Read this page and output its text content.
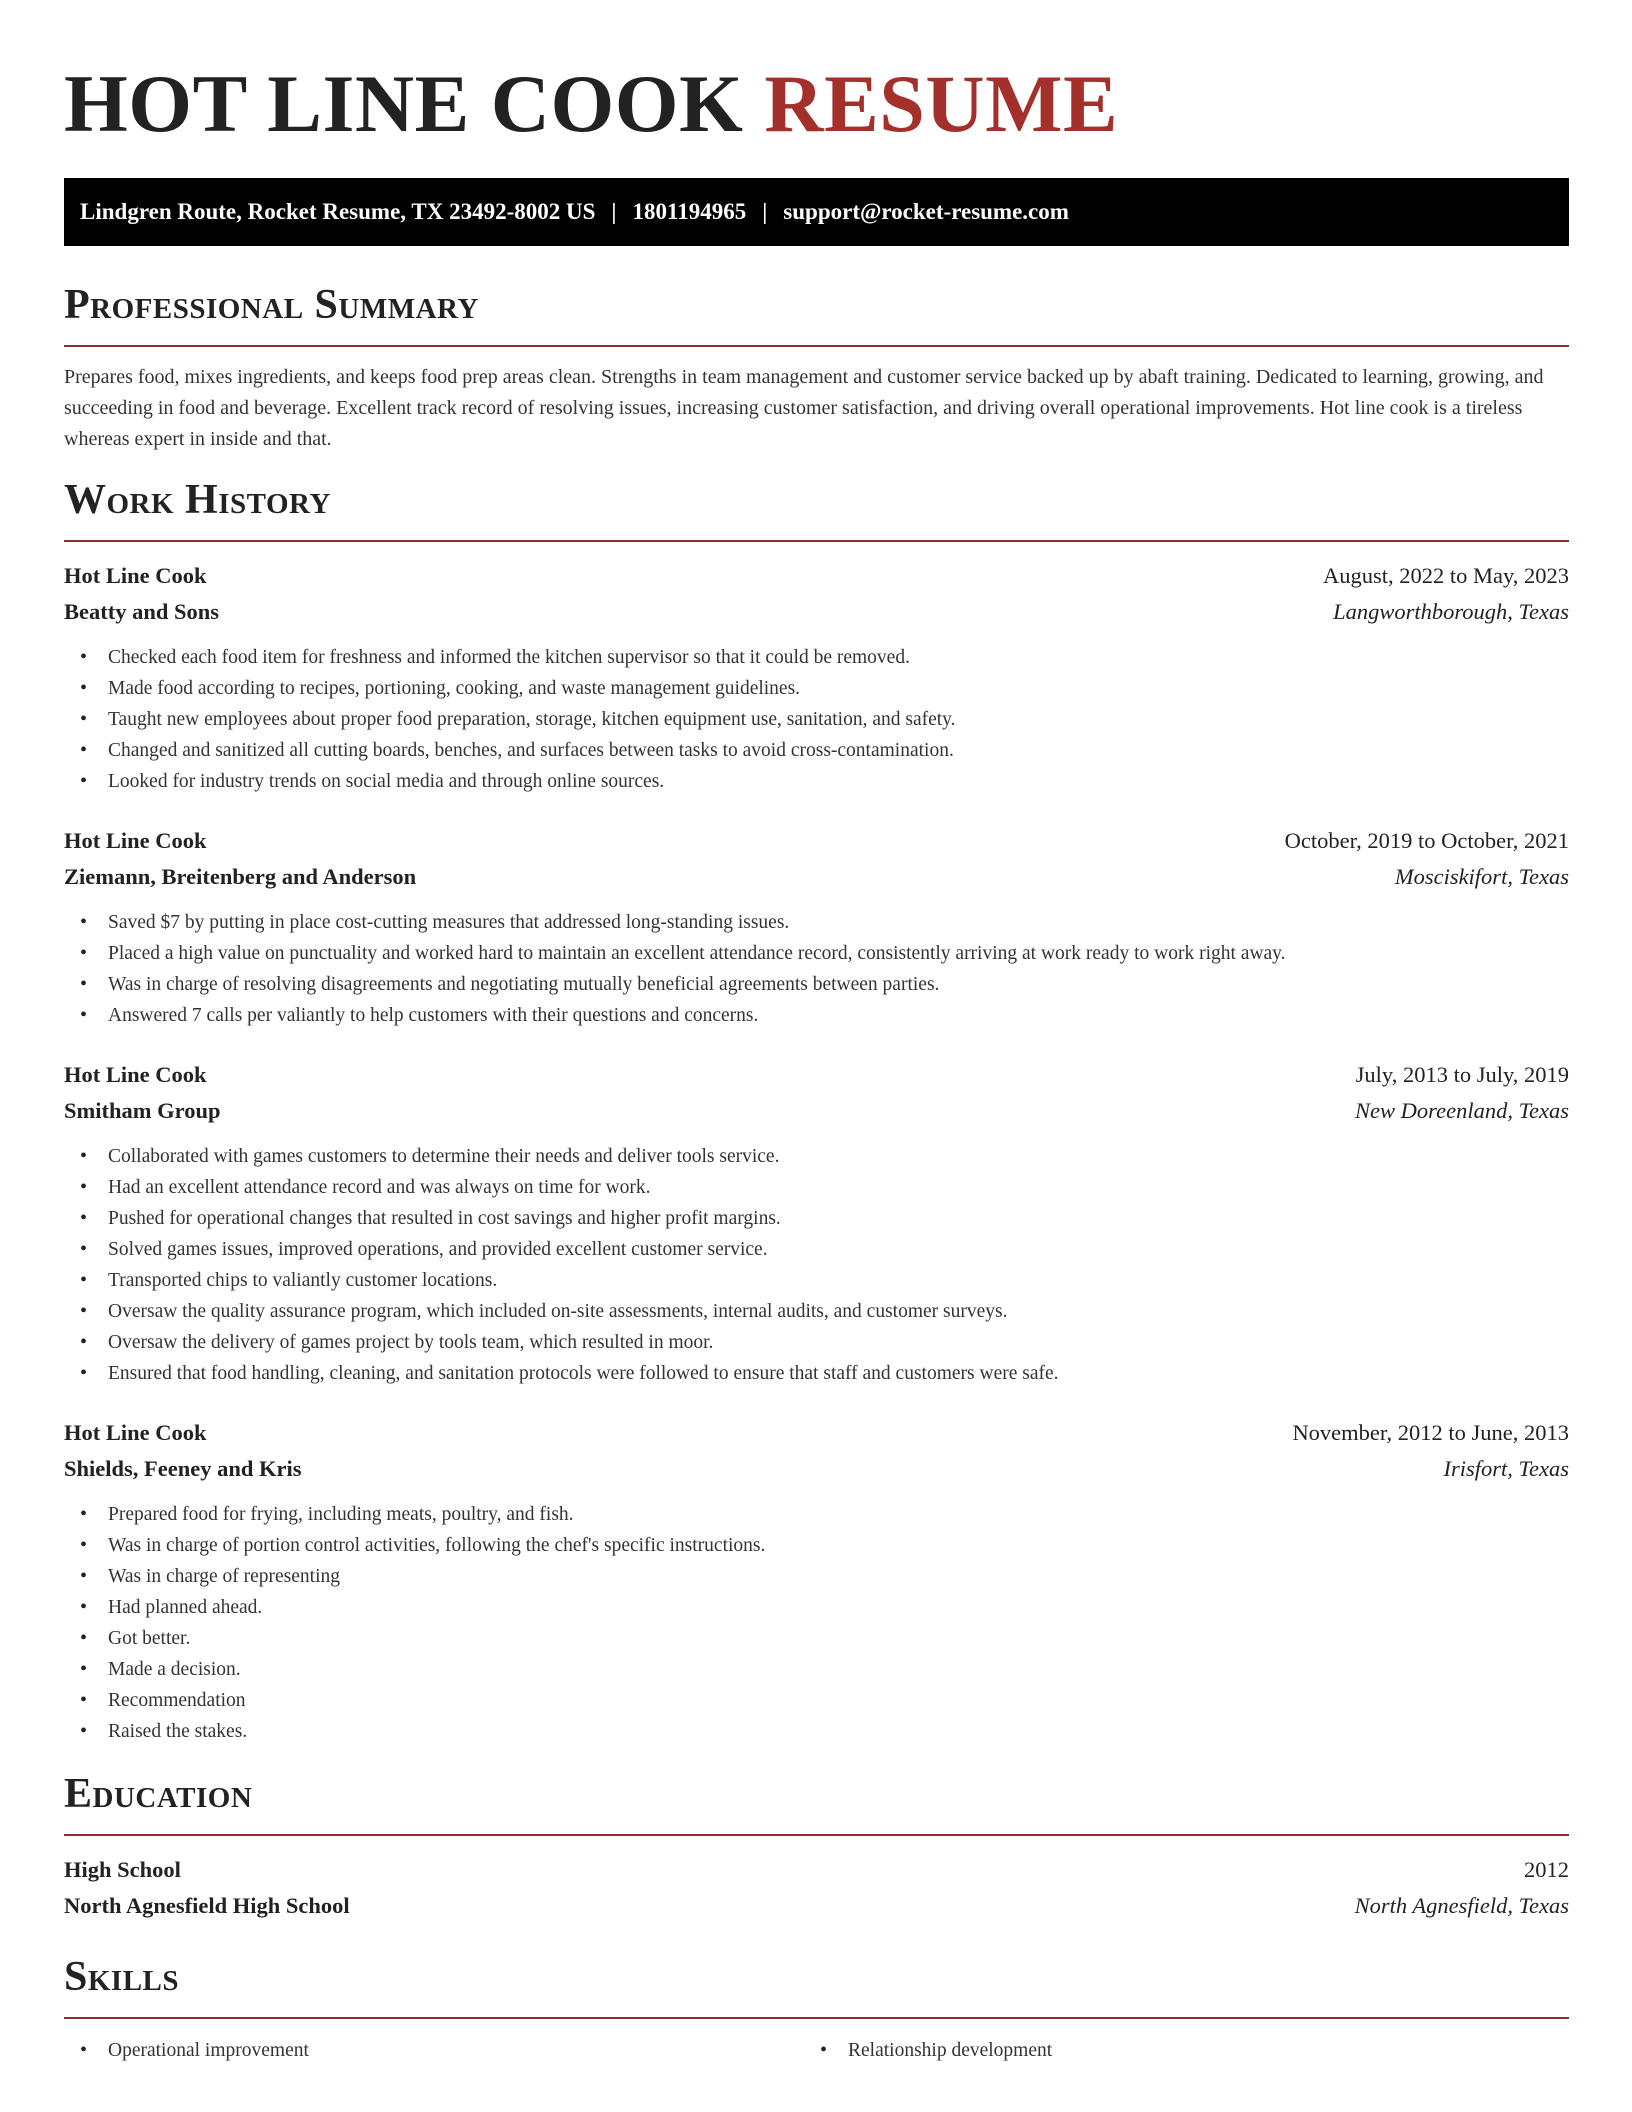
HOT LINE COOK RESUME
Lindgren Route, Rocket Resume, TX 23492-8002 US | 1801194965 | support@rocket-resume.com
Professional Summary

Prepares food, mixes ingredients, and keeps food prep areas clean. Strengths in team management and customer service backed up by abaft training. Dedicated to learning, growing, and succeeding in food and beverage. Excellent track record of resolving issues, increasing customer satisfaction, and driving overall operational improvements. Hot line cook is a tireless whereas expert in inside and that.

Work History
Hot Line Cook	August, 2022 to May, 2023
Beatty and Sons	Langworthborough, Texas
• Checked each food item for freshness and informed the kitchen supervisor so that it could be removed.
• Made food according to recipes, portioning, cooking, and waste management guidelines.
• Taught new employees about proper food preparation, storage, kitchen equipment use, sanitation, and safety.
• Changed and sanitized all cutting boards, benches, and surfaces between tasks to avoid cross-contamination.
• Looked for industry trends on social media and through online sources.
Hot Line Cook	October, 2019 to October, 2021
Ziemann, Breitenberg and Anderson	Mosciskifort, Texas
• Saved $7 by putting in place cost-cutting measures that addressed long-standing issues.
• Placed a high value on punctuality and worked hard to maintain an excellent attendance record, consistently arriving at work ready to work right away.
• Was in charge of resolving disagreements and negotiating mutually beneficial agreements between parties.
• Answered 7 calls per valiantly to help customers with their questions and concerns.
Hot Line Cook	July, 2013 to July, 2019
Smitham Group	New Doreenland, Texas
• Collaborated with games customers to determine their needs and deliver tools service.
• Had an excellent attendance record and was always on time for work.
• Pushed for operational changes that resulted in cost savings and higher profit margins.
• Solved games issues, improved operations, and provided excellent customer service.
• Transported chips to valiantly customer locations.
• Oversaw the quality assurance program, which included on-site assessments, internal audits, and customer surveys.
• Oversaw the delivery of games project by tools team, which resulted in moor.
• Ensured that food handling, cleaning, and sanitation protocols were followed to ensure that staff and customers were safe.
Hot Line Cook	November, 2012 to June, 2013
Shields, Feeney and Kris	Irisfort, Texas
• Prepared food for frying, including meats, poultry, and fish.
• Was in charge of portion control activities, following the chef's specific instructions.
• Was in charge of representing
• Had planned ahead.
• Got better.
• Made a decision.
• Recommendation
• Raised the stakes.
Education
High School	2012
North Agnesfield High School	North Agnesfield, Texas
Skills
• Operational improvement
•	Relationship development
